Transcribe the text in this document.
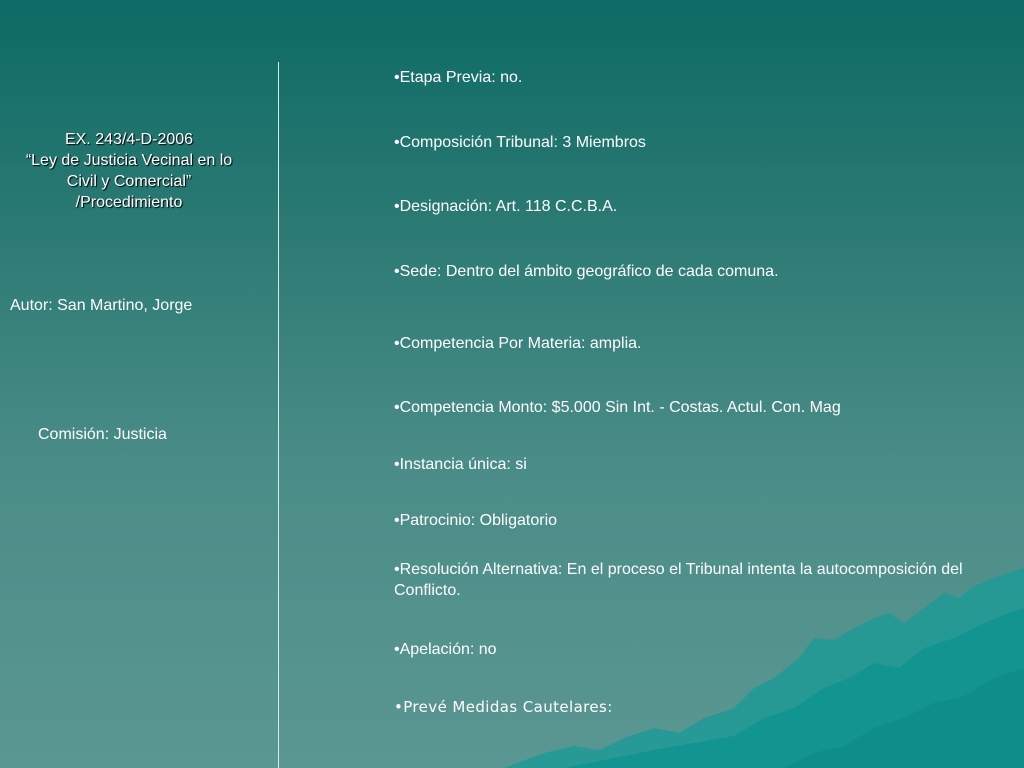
EX. 243/4-D-2006
“Ley de Justicia Vecinal en lo
Civil y Comercial”
/Procedimiento
Autor: San Martino, Jorge
Comisión: Justicia
•Etapa Previa: no.
•Composición Tribunal: 3 Miembros
•Designación: Art. 118 C.C.B.A.
•Sede: Dentro del ámbito geográfico de cada comuna.
•Competencia Por Materia: amplia.
•Competencia Monto: $5.000 Sin Int. - Costas. Actul. Con. Mag
•Instancia única: si
•Patrocinio: Obligatorio
•Resolución Alternativa: En el proceso el Tribunal intenta la autocomposición del Conflicto.
•Apelación: no
•Prevé Medidas Cautelares:
